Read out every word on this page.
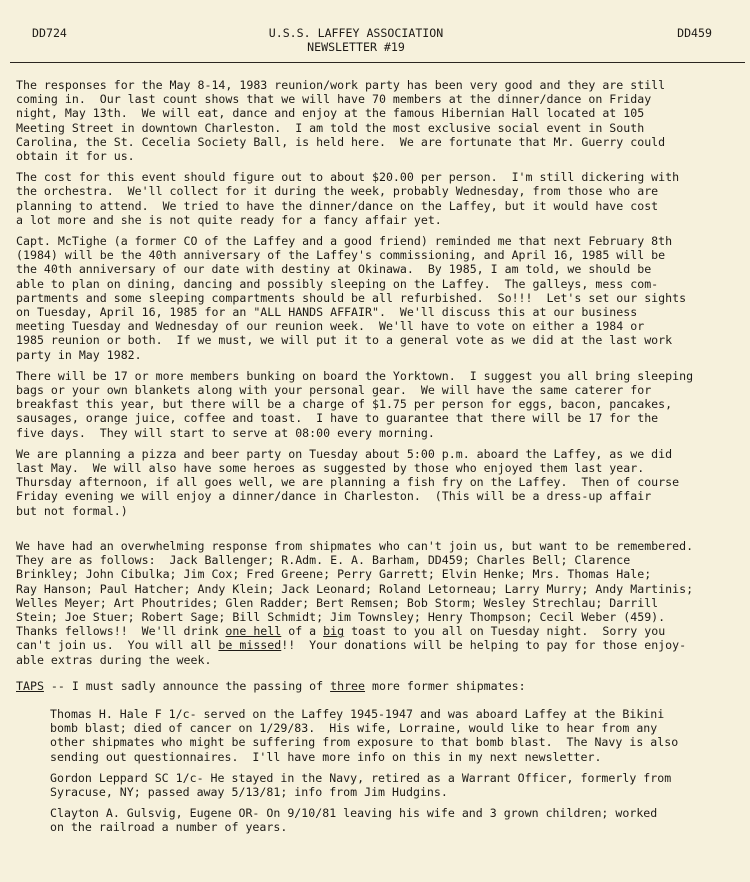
DD724	U.S.S. LAFFEY ASSOCIATION
NEWSLETTER #19
DD459

The responses for the May 8-14, 1983 reunion/work party has been very good and they are still
coming in.  Our last count shows that we will have 70 members at the dinner/dance on Friday
night, May 13th.  We will eat, dance and enjoy at the famous Hibernian Hall located at 105
Meeting Street in downtown Charleston.  I am told the most exclusive social event in South
Carolina, the St. Cecelia Society Ball, is held here.  We are fortunate that Mr. Guerry could
obtain it for us.

The cost for this event should figure out to about $20.00 per person.  I'm still dickering with
the orchestra.  We'll collect for it during the week, probably Wednesday, from those who are
planning to attend.  We tried to have the dinner/dance on the Laffey, but it would have cost
a lot more and she is not quite ready for a fancy affair yet.

Capt. McTighe (a former CO of the Laffey and a good friend) reminded me that next February 8th
(1984) will be the 40th anniversary of the Laffey's commissioning, and April 16, 1985 will be
the 40th anniversary of our date with destiny at Okinawa.  By 1985, I am told, we should be
able to plan on dining, dancing and possibly sleeping on the Laffey.  The galleys, mess com-
partments and some sleeping compartments should be all refurbished.  So!!!  Let's set our sights
on Tuesday, April 16, 1985 for an "ALL HANDS AFFAIR".  We'll discuss this at our business
meeting Tuesday and Wednesday of our reunion week.  We'll have to vote on either a 1984 or
1985 reunion or both.  If we must, we will put it to a general vote as we did at the last work
party in May 1982.

There will be 17 or more members bunking on board the Yorktown.  I suggest you all bring sleeping
bags or your own blankets along with your personal gear.  We will have the same caterer for
breakfast this year, but there will be a charge of $1.75 per person for eggs, bacon, pancakes,
sausages, orange juice, coffee and toast.  I have to guarantee that there will be 17 for the
five days.  They will start to serve at 08:00 every morning.

We are planning a pizza and beer party on Tuesday about 5:00 p.m. aboard the Laffey, as we did
last May.  We will also have some heroes as suggested by those who enjoyed them last year.
Thursday afternoon, if all goes well, we are planning a fish fry on the Laffey.  Then of course
Friday evening we will enjoy a dinner/dance in Charleston.  (This will be a dress-up affair
but not formal.)

We have had an overwhelming response from shipmates who can't join us, but want to be remembered.
They are as follows:  Jack Ballenger; R.Adm. E. A. Barham, DD459; Charles Bell; Clarence
Brinkley; John Cibulka; Jim Cox; Fred Greene; Perry Garrett; Elvin Henke; Mrs. Thomas Hale;
Ray Hanson; Paul Hatcher; Andy Klein; Jack Leonard; Roland Letorneau; Larry Murry; Andy Martinis;
Welles Meyer; Art Phoutrides; Glen Radder; Bert Remsen; Bob Storm; Wesley Strechlau; Darrill
Stein; Joe Stuer; Robert Sage; Bill Schmidt; Jim Townsley; Henry Thompson; Cecil Weber (459).
Thanks fellows!!  We'll drink one hell of a big toast to you all on Tuesday night.  Sorry you
can't join us.  You will all be missed!!  Your donations will be helping to pay for those enjoy-
able extras during the week.

TAPS -- I must sadly announce the passing of three more former shipmates:

Thomas H. Hale F 1/c- served on the Laffey 1945-1947 and was aboard Laffey at the Bikini
bomb blast; died of cancer on 1/29/83.  His wife, Lorraine, would like to hear from any
other shipmates who might be suffering from exposure to that bomb blast.  The Navy is also
sending out questionnaires.  I'll have more info on this in my next newsletter.

Gordon Leppard SC 1/c- He stayed in the Navy, retired as a Warrant Officer, formerly from
Syracuse, NY; passed away 5/13/81; info from Jim Hudgins.

Clayton A. Gulsvig, Eugene OR- On 9/10/81 leaving his wife and 3 grown children; worked
on the railroad a number of years.
